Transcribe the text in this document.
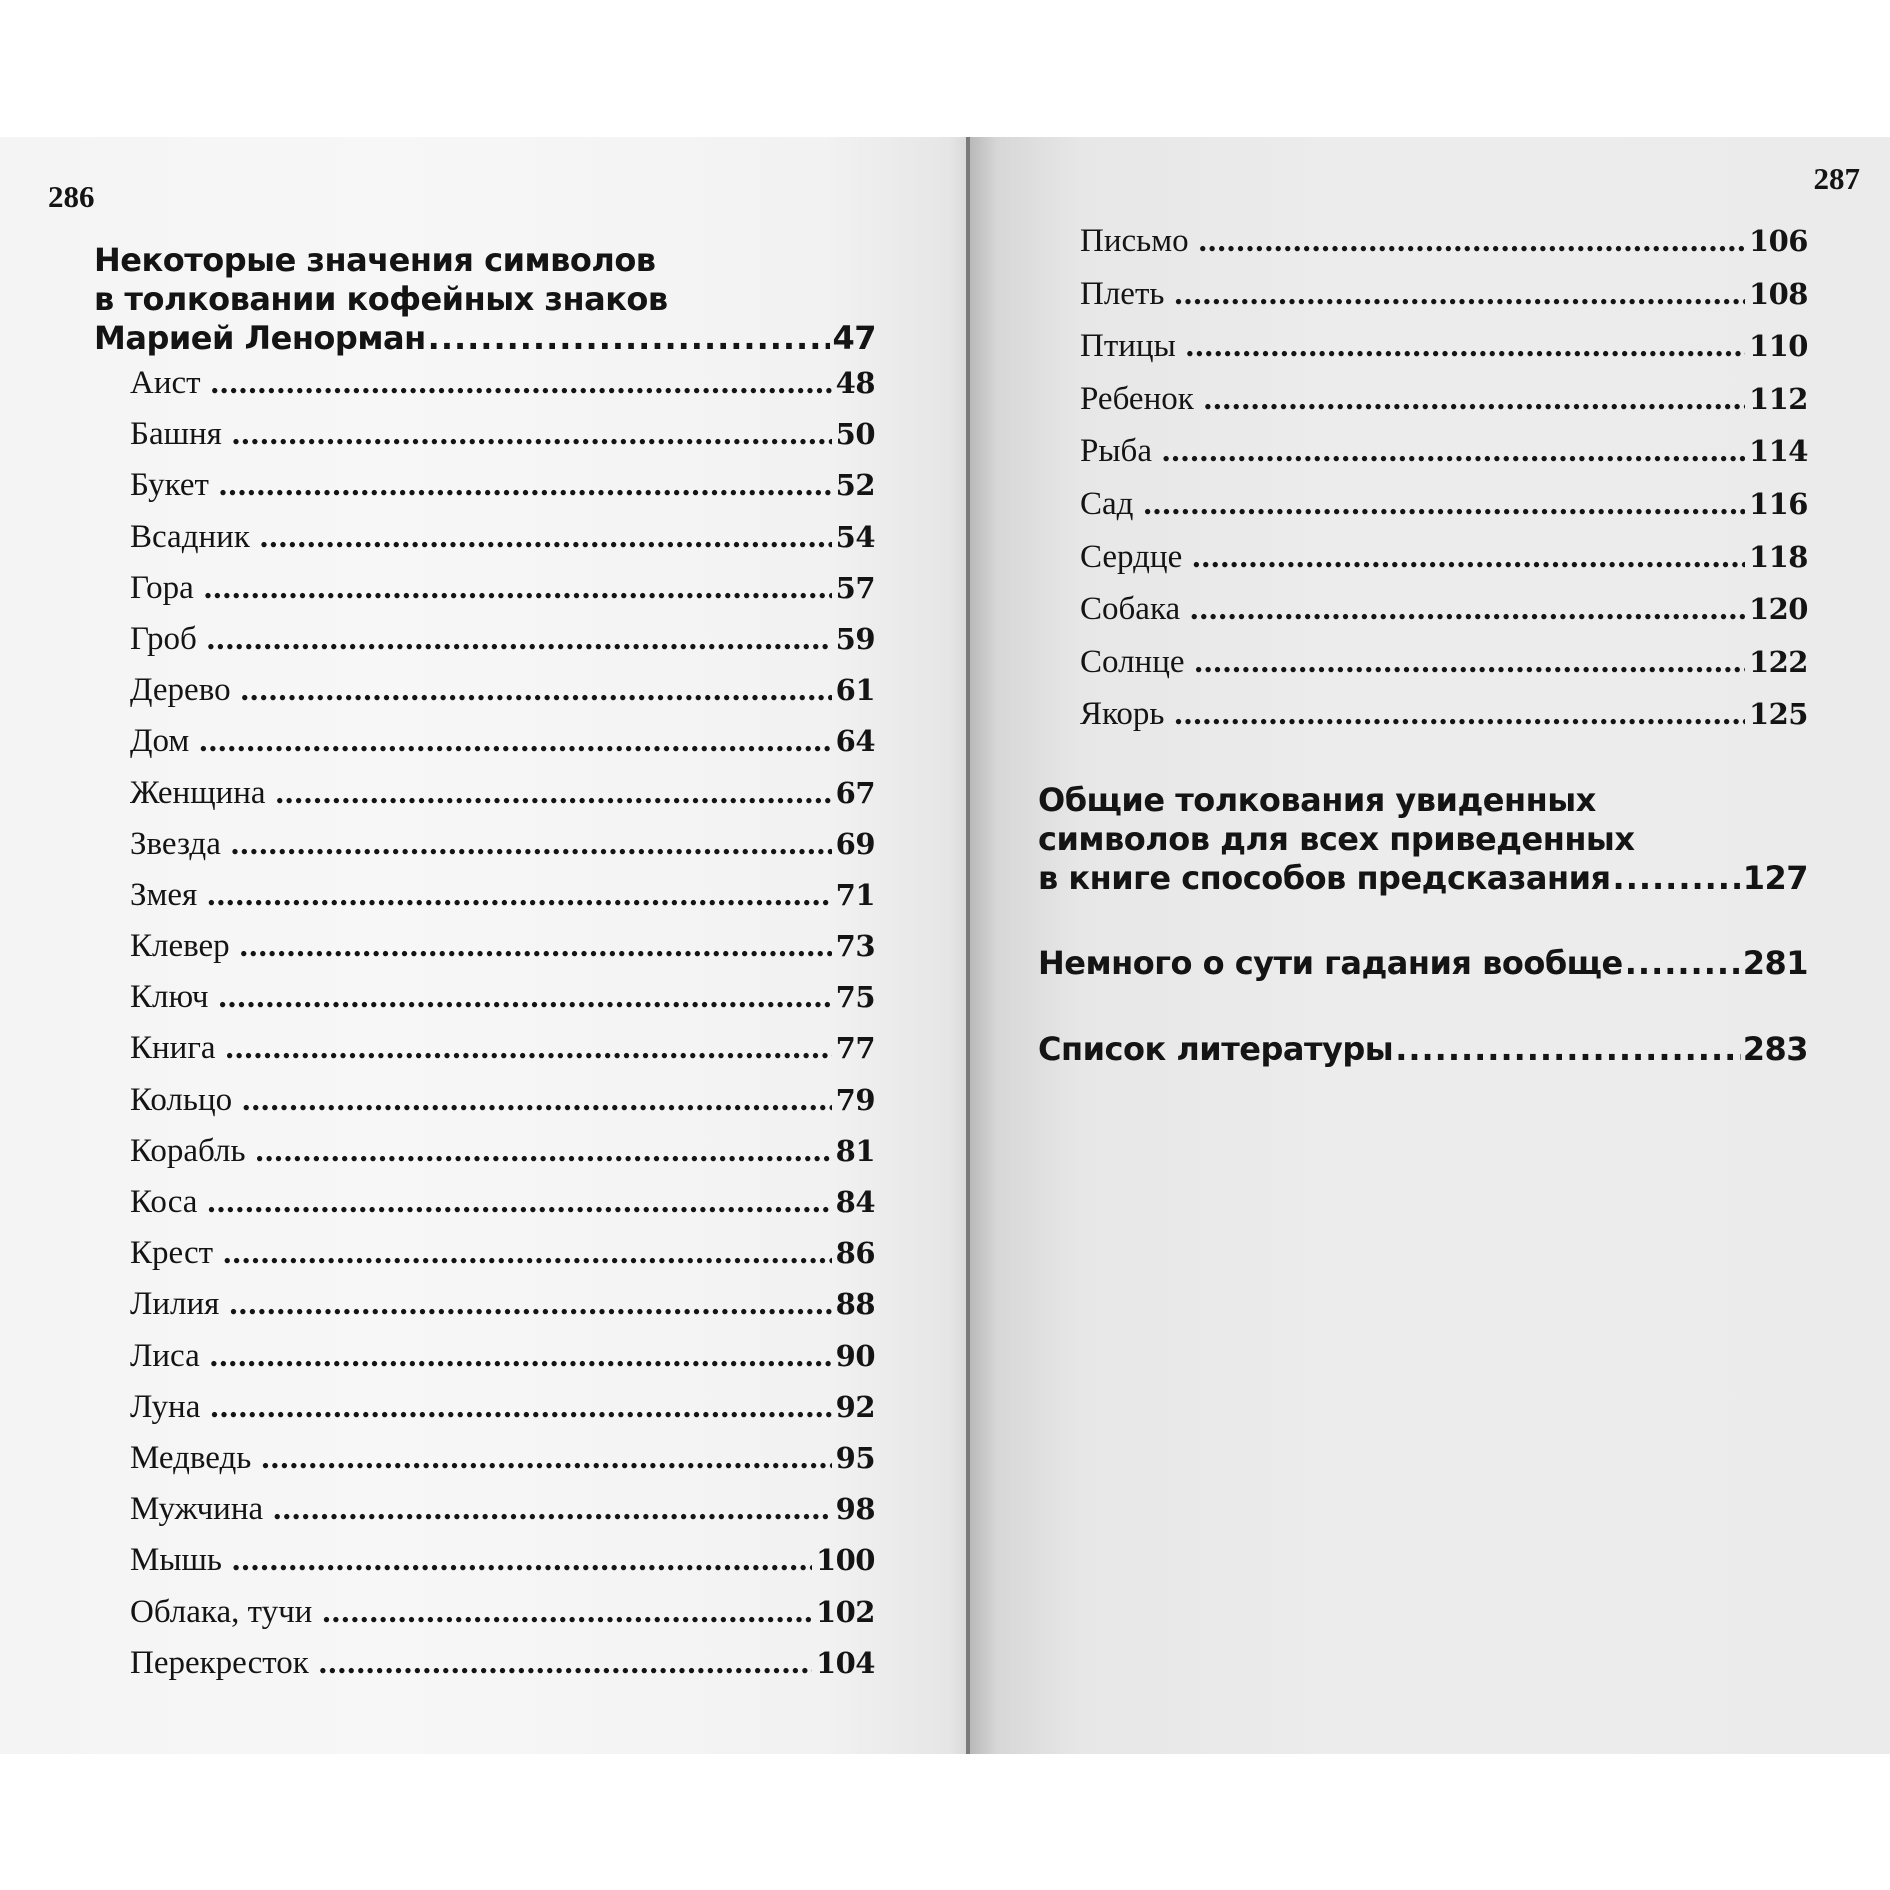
286
Некоторые значения символов
в толковании кофейных знаков
Марией Ленорман .....	47
Аист .....	48
Башня .....	50
Букет .....	52
Всадник .....	54
Гора .....	57
Гроб .....	59
Дерево .....	61
Дом .....	64
Женщина .....	67
Звезда .....	69
Змея .....	71
Клевер .....	73
Ключ .....	75
Книга .....	77
Кольцо .....	79
Корабль .....	81
Коса .....	84
Крест .....	86
Лилия .....	88
Лиса .....	90
Луна .....	92
Медведь .....	95
Мужчина .....	98
Мышь .....	100
Облака, тучи .....	102
Перекресток .....	104
287
Письмо .....	106
Плеть .....	108
Птицы .....	110
Ребенок .....	112
Рыба .....	114
Сад .....	116
Сердце .....	118
Собака .....	120
Солнце .....	122
Якорь .....	125
Общие толкования увиденных
символов для всех приведенных
в книге способов предсказания .....	127
Немного о сути гадания вообще .....	281
Список литературы .....	283
